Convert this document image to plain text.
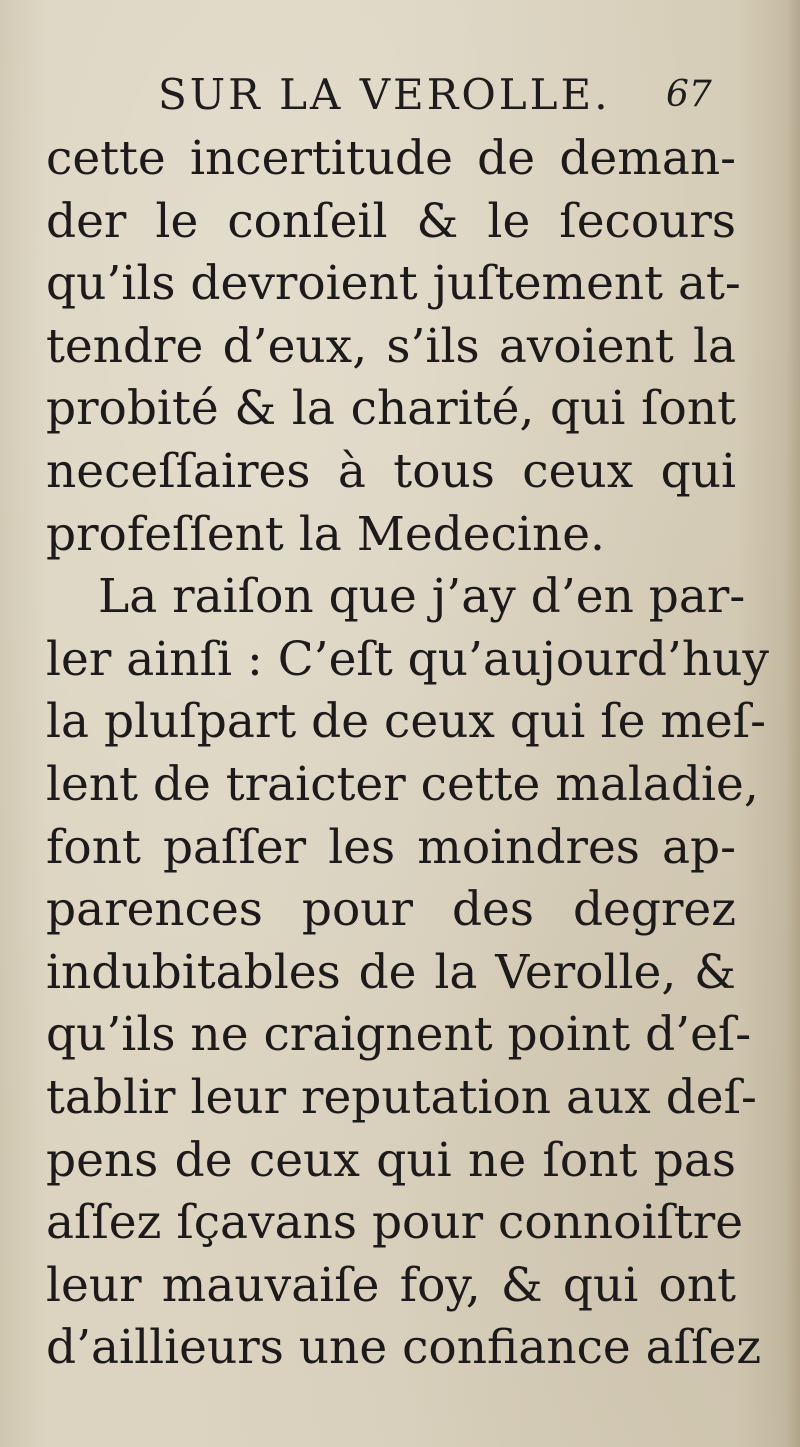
SUR LA VEROLLE. 67
cette incertitude de deman-
der le conſeil & le ſecours
qu’ils devroient juſtement at-
tendre d’eux, s’ils avoient la
probité & la charité, qui ſont
neceſſaires à tous ceux qui
profeſſent la Medecine.
La raiſon que j’ay d’en par-
ler ainſi : C’eſt qu’aujourd’huy
la pluſpart de ceux qui ſe meſ-
lent de traicter cette maladie,
font paſſer les moindres ap-
parences pour des degrez
indubitables de la Verolle, &
qu’ils ne craignent point d’eſ-
tablir leur reputation aux deſ-
pens de ceux qui ne ſont pas
aſſez ſçavans pour connoiſtre
leur mauvaiſe foy, & qui ont
d’aillieurs une confiance aſſez
